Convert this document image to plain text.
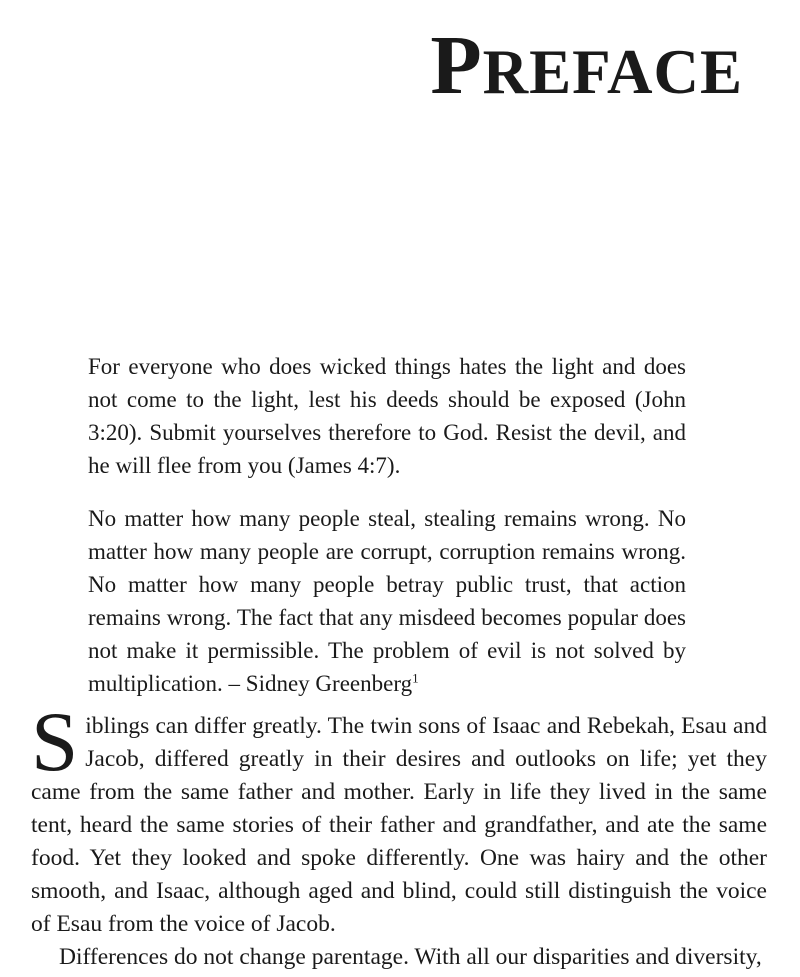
PREFACE

For everyone who does wicked things hates the light and does not come to the light, lest his deeds should be exposed (John 3:20). Submit yourselves therefore to God. Resist the devil, and he will flee from you (James 4:7).

No matter how many people steal, stealing remains wrong. No matter how many people are corrupt, corruption remains wrong. No matter how many people betray public trust, that action remains wrong. The fact that any misdeed becomes popular does not make it permissible. The problem of evil is not solved by multiplication. – Sidney Greenberg$^1$

Siblings can differ greatly. The twin sons of Isaac and Rebekah, Esau and Jacob, differed greatly in their desires and outlooks on life; yet they came from the same father and mother. Early in life they lived in the same tent, heard the same stories of their father and grandfather, and ate the same food. Yet they looked and spoke differently. One was hairy and the other smooth, and Isaac, although aged and blind, could still distinguish the voice of Esau from the voice of Jacob.

Differences do not change parentage. With all our disparities and diversity,
